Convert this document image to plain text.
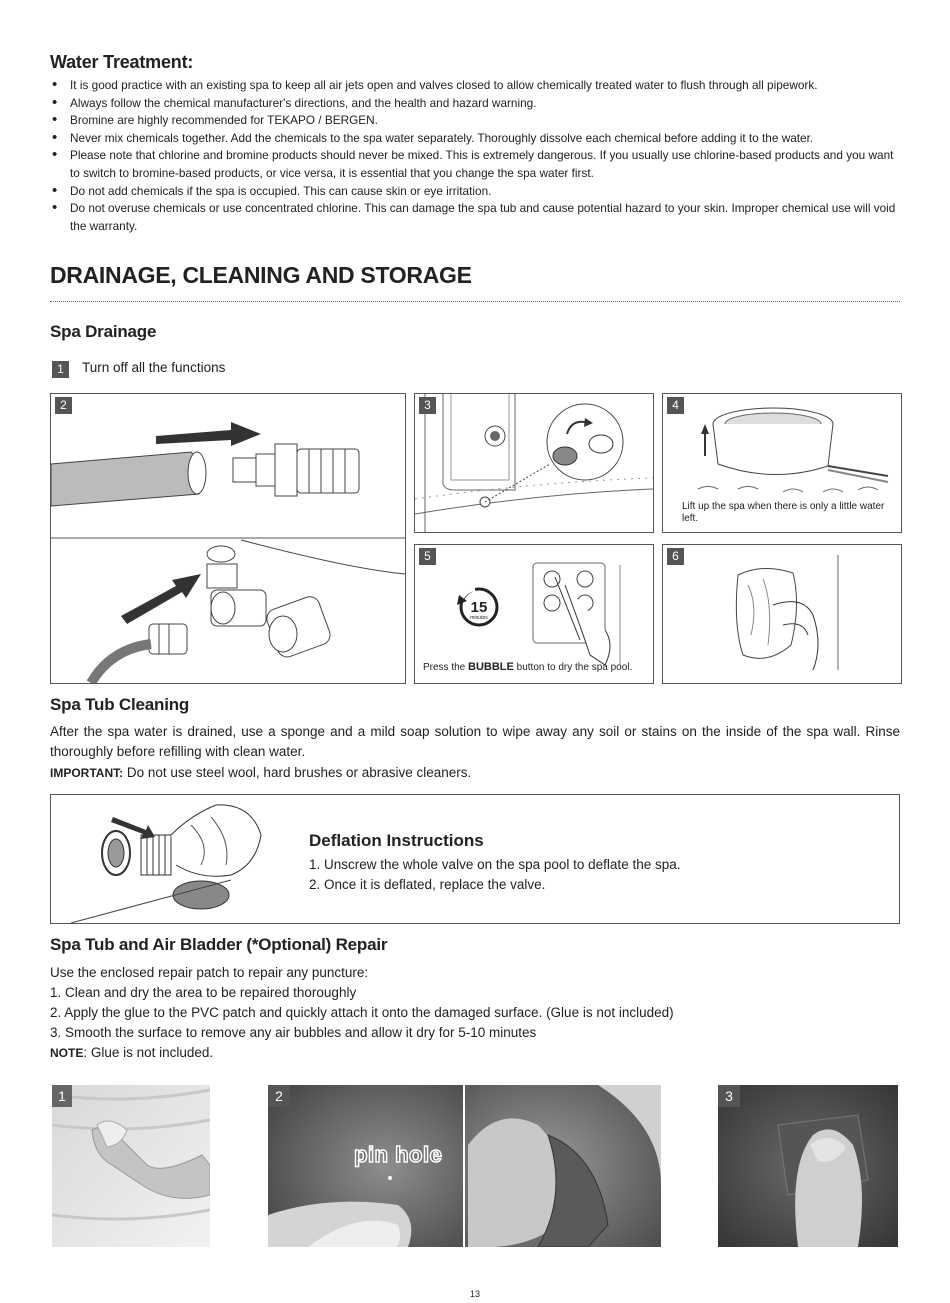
Water Treatment:
• It is good practice with an existing spa to keep all air jets open and valves closed to allow chemically treated water to flush through all pipework.
• Always follow the chemical manufacturer's directions, and the health and hazard warning.
• Bromine are highly recommended for TEKAPO / BERGEN.
• Never mix chemicals together. Add the chemicals to the spa water separately. Thoroughly dissolve each chemical before adding it to the water.
• Please note that chlorine and bromine products should never be mixed. This is extremely dangerous. If you usually use chlorine-based products and you want to switch to bromine-based products, or vice versa, it is essential that you change the spa water first.
• Do not add chemicals if the spa is occupied. This can cause skin or eye irritation.
• Do not overuse chemicals or use concentrated chlorine. This can damage the spa tub and cause potential hazard to your skin. Improper chemical use will void the warranty.
DRAINAGE, CLEANING AND STORAGE
Spa Drainage
1	Turn off all the functions
2	3	4
Lift up the spa when there is only a little water left.
15
minutes
5
Press the BUBBLE button to dry the spa pool.
6
Spa Tub Cleaning

After the spa water is drained, use a sponge and a mild soap solution to wipe away any soil or stains on the inside of the spa wall. Rinse thoroughly before refilling with clean water.

IMPORTANT: Do not use steel wool, hard brushes or abrasive cleaners.

Deflation Instructions
1. Unscrew the whole valve on the spa pool to deflate the spa.
2. Once it is deflated, replace the valve.
Spa Tub and Air Bladder (*Optional) Repair
Use the enclosed repair patch to repair any puncture:
1. Clean and dry the area to be repaired thoroughly
2. Apply the glue to the PVC patch and quickly attach it onto the damaged surface. (Glue is not included)
3. Smooth the surface to remove any air bubbles and allow it dry for 5-10 minutes
NOTE: Glue is not included.
1
pin hole
2	3
13
